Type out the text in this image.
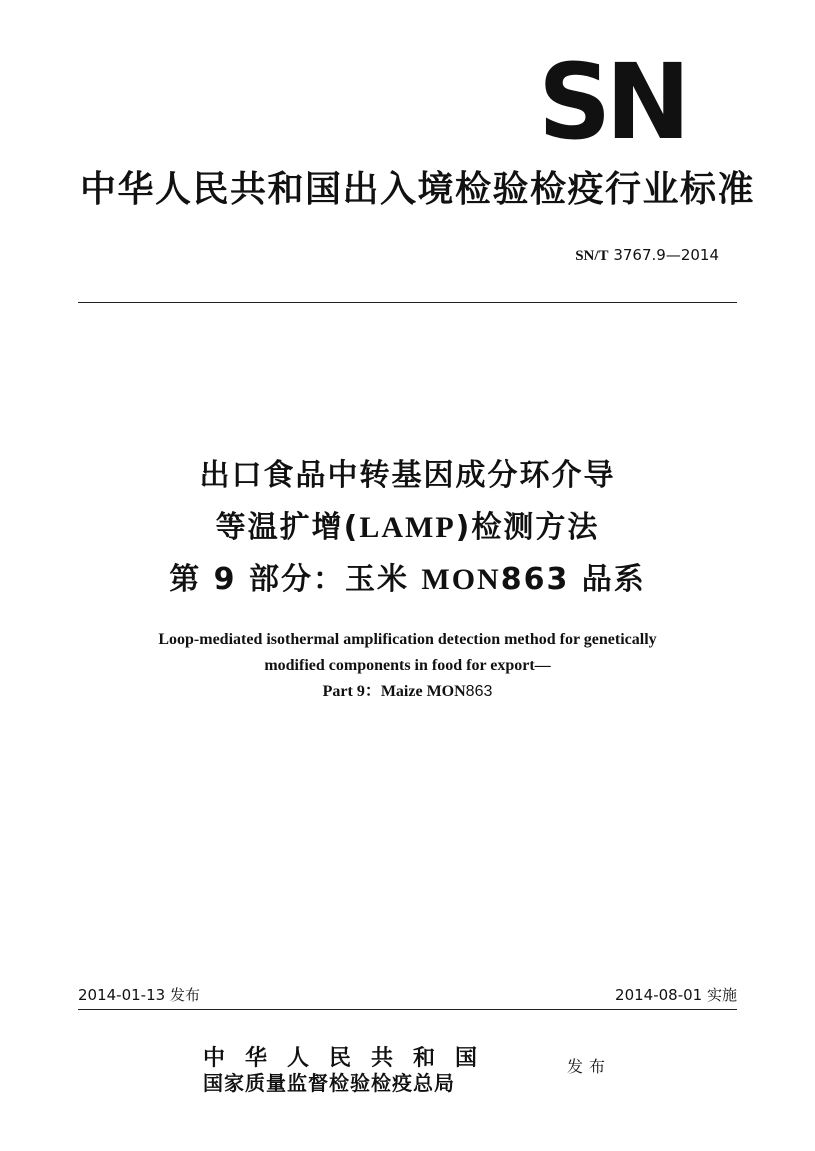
SN
中华人民共和国出入境检验检疫行业标准
SN/T 3767.9—2014
出口食品中转基因成分环介导
等温扩增(LAMP)检测方法
第 9 部分：玉米 MON863 品系
Loop-mediated isothermal amplification detection method for genetically
modified components in food for export—
Part 9：Maize MON863
2014-01-13 发布	2014-08-01 实施
中华人民共和国
国家质量监督检验检疫总局
发布
